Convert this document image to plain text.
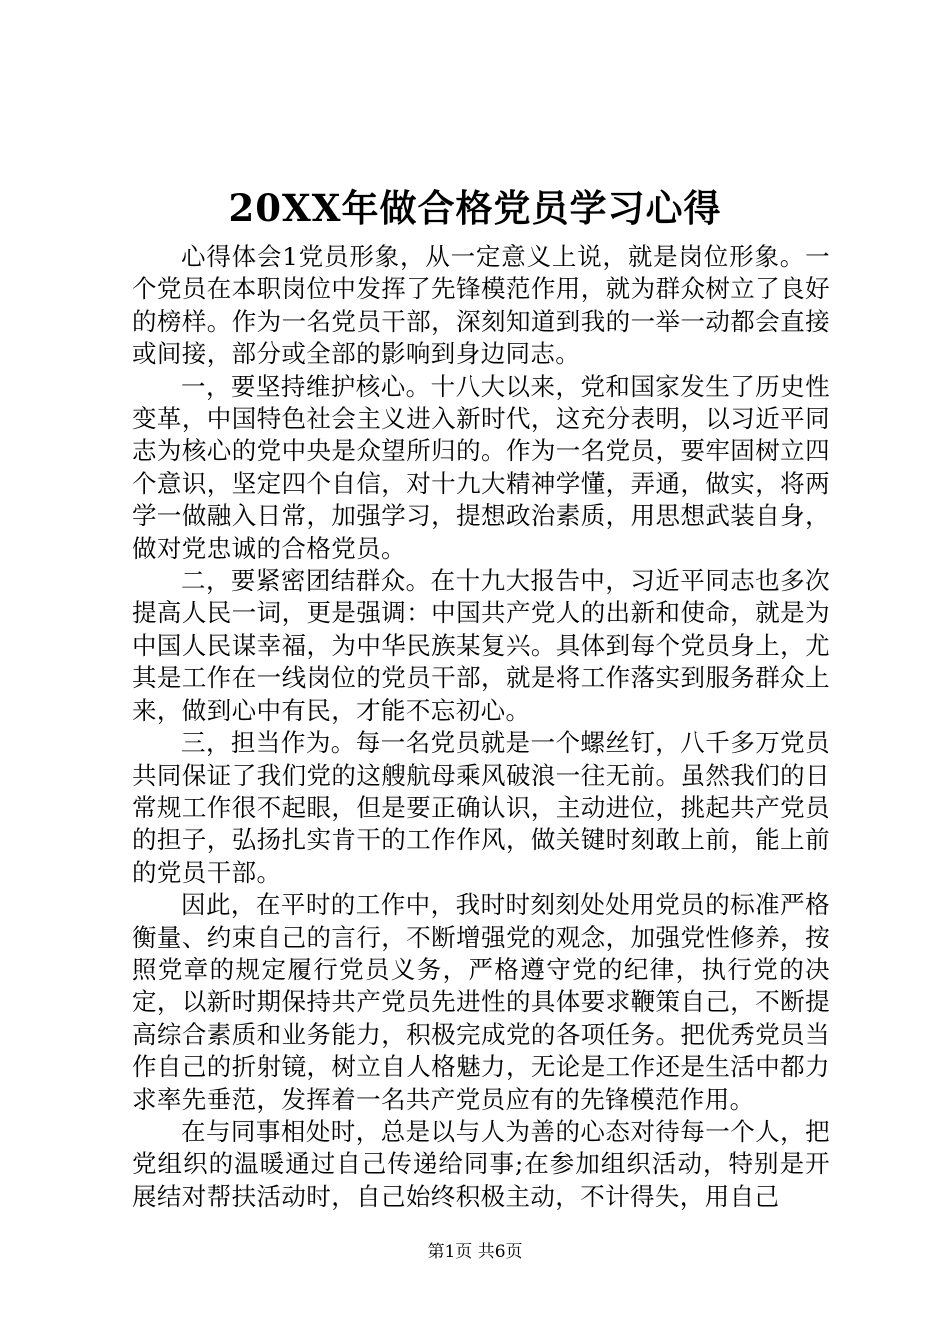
20XX年做合格党员学习心得

心得体会1党员形象，从一定意义上说，就是岗位形象。一个党员在本职岗位中发挥了先锋模范作用，就为群众树立了良好的榜样。作为一名党员干部，深刻知道到我的一举一动都会直接或间接，部分或全部的影响到身边同志。

一，要坚持维护核心。十八大以来，党和国家发生了历史性变革，中国特色社会主义进入新时代，这充分表明，以习近平同志为核心的党中央是众望所归的。作为一名党员，要牢固树立四个意识，坚定四个自信，对十九大精神学懂，弄通，做实，将两学一做融入日常，加强学习，提想政治素质，用思想武装自身，做对党忠诚的合格党员。

二，要紧密团结群众。在十九大报告中，习近平同志也多次提高人民一词，更是强调：中国共产党人的出新和使命，就是为中国人民谋幸福，为中华民族某复兴。具体到每个党员身上，尤其是工作在一线岗位的党员干部，就是将工作落实到服务群众上来，做到心中有民，才能不忘初心。

三，担当作为。每一名党员就是一个螺丝钉，八千多万党员共同保证了我们党的这艘航母乘风破浪一往无前。虽然我们的日常规工作很不起眼，但是要正确认识，主动进位，挑起共产党员的担子，弘扬扎实肯干的工作作风，做关键时刻敢上前，能上前的党员干部。

因此，在平时的工作中，我时时刻刻处处用党员的标准严格衡量、约束自己的言行，不断增强党的观念，加强党性修养，按照党章的规定履行党员义务，严格遵守党的纪律，执行党的决定，以新时期保持共产党员先进性的具体要求鞭策自己，不断提高综合素质和业务能力，积极完成党的各项任务。把优秀党员当作自己的折射镜，树立自人格魅力，无论是工作还是生活中都力求率先垂范，发挥着一名共产党员应有的先锋模范作用。

在与同事相处时，总是以与人为善的心态对待每一个人，把党组织的温暖通过自己传递给同事;在参加组织活动，特别是开展结对帮扶活动时，自己始终积极主动，不计得失，用自己

第1页 共6页
